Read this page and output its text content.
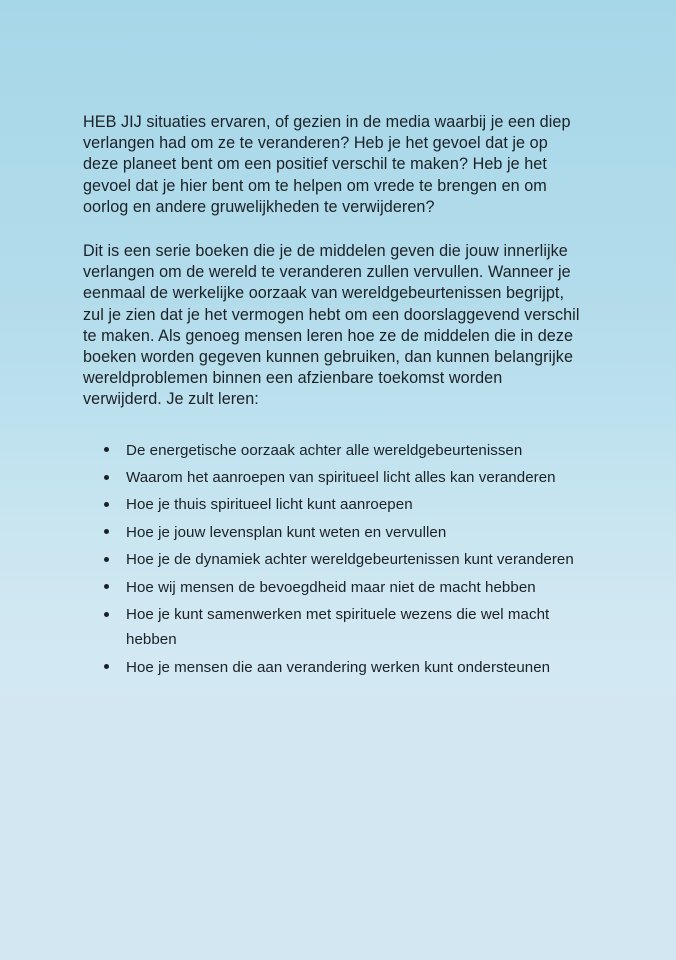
HEB JIJ situaties ervaren, of gezien in de media waarbij je een diep verlangen had om ze te veranderen? Heb je het gevoel dat je op deze planeet bent om een positief verschil te maken? Heb je het gevoel dat je hier bent om te helpen om vrede te brengen en om oorlog en andere gruwelijkheden te verwijderen?

Dit is een serie boeken die je de middelen geven die jouw innerlijke verlangen om de wereld te veranderen zullen vervullen. Wanneer je eenmaal de werkelijke oorzaak van wereldgebeurtenissen begrijpt, zul je zien dat je het vermogen hebt om een doorslaggevend verschil te maken. Als genoeg mensen leren hoe ze de middelen die in deze boeken worden gegeven kunnen gebruiken, dan kunnen belangrijke wereldproblemen binnen een afzienbare toekomst worden verwijderd. Je zult leren:

De energetische oorzaak achter alle wereldgebeurtenissen
Waarom het aanroepen van spiritueel licht alles kan veranderen
Hoe je thuis spiritueel licht kunt aanroepen
Hoe je jouw levensplan kunt weten en vervullen
Hoe je de dynamiek achter wereldgebeurtenissen kunt veranderen
Hoe wij mensen de bevoegdheid maar niet de macht hebben
Hoe je kunt samenwerken met spirituele wezens die wel macht hebben
Hoe je mensen die aan verandering werken kunt ondersteunen
